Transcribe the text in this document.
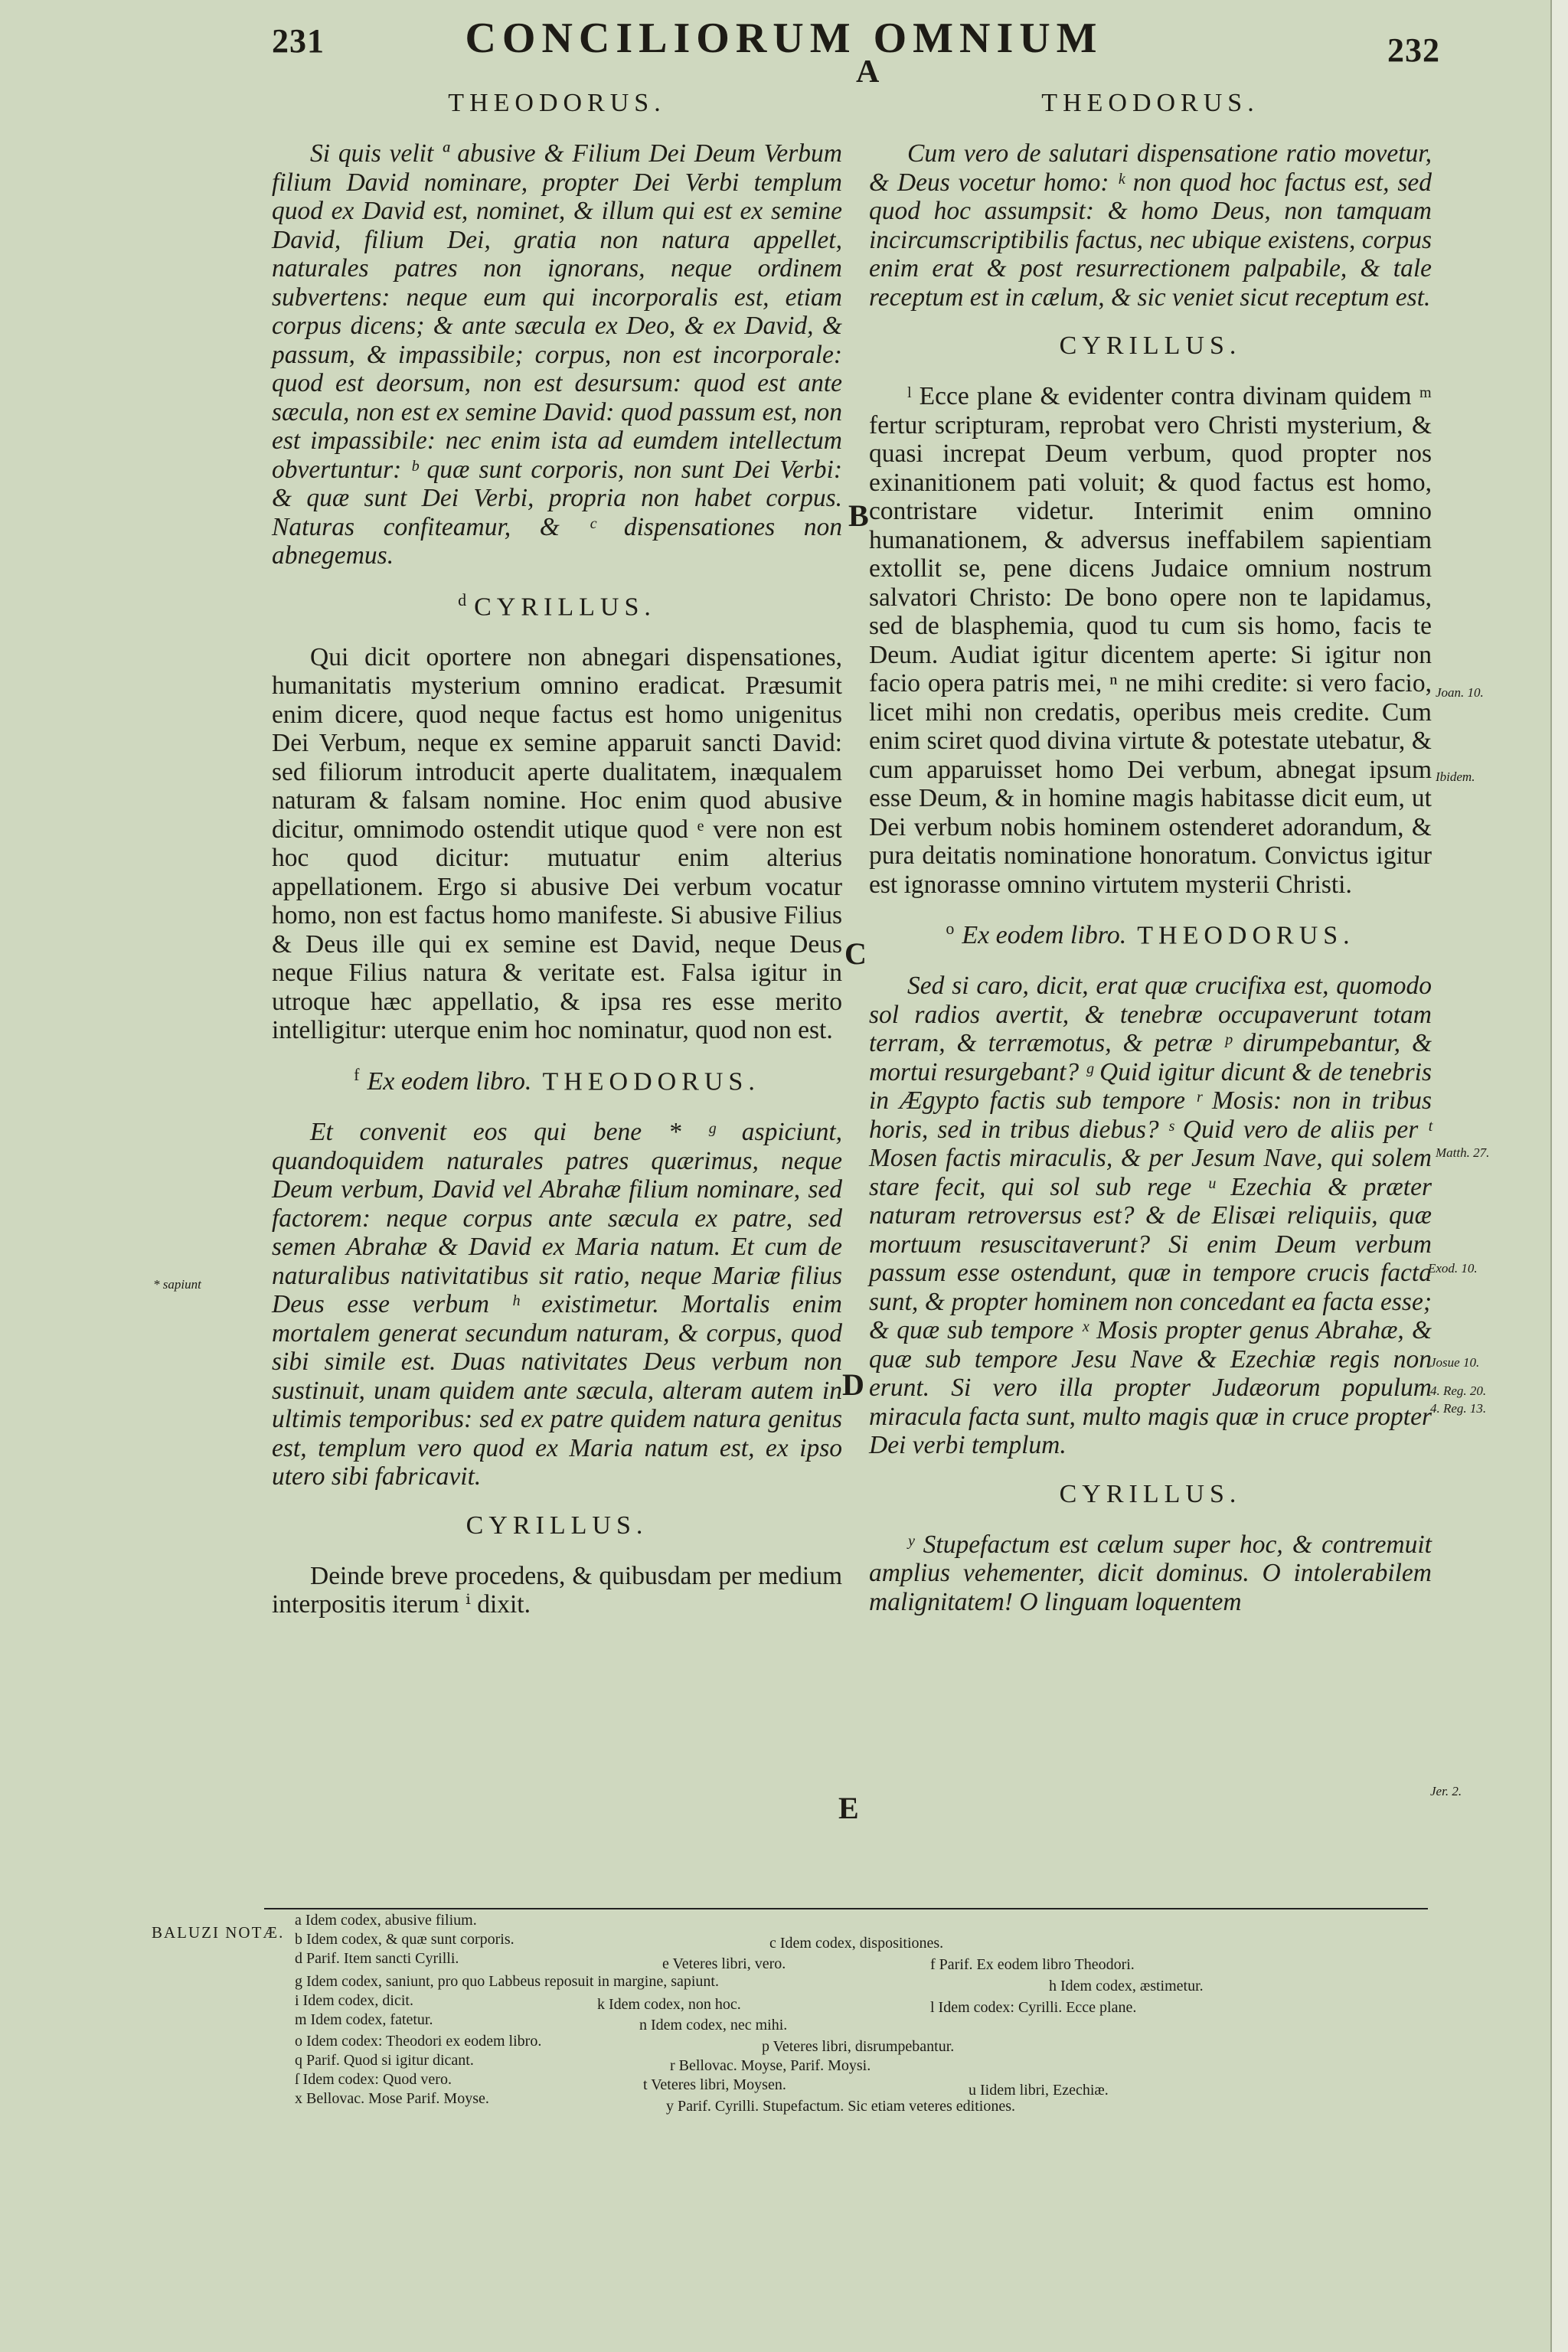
231	CONCILIORUM OMNIUM	232
A
THEODORUS.
Si quis velit ª abusive & Filium Dei Deum Verbum filium David nominare, propter Dei Verbi templum quod ex David est, nominet, & illum qui est ex semine David, filium Dei, gratia non natura appellet, naturales patres non ignorans, neque ordinem subvertens: neque eum qui incorporalis est, etiam corpus dicens; & ante sæcula ex Deo, & ex David, & passum, & impassibile; corpus, non est incorporale: quod est deorsum, non est desursum: quod est ante sæcula, non est ex semine David: quod passum est, non est impassibile: nec enim ista ad eumdem intellectum obvertuntur: ᵇ quæ sunt corporis, non sunt Dei Verbi: & quæ sunt Dei Verbi, propria non habet corpus. Naturas confiteamur, & ᶜ dispensationes non abnegemus.
$^d$ CYRILLUS.
Qui dicit oportere non abnegari dispensationes, humanitatis mysterium omnino eradicat. Præsumit enim dicere, quod neque factus est homo unigenitus Dei Verbum, neque ex semine apparuit sancti David: sed filiorum introducit aperte dualitatem, inæqualem naturam & falsam nomine. Hoc enim quod abusive dicitur, omnimodo ostendit utique quod ᵉ vere non est hoc quod dicitur: mutuatur enim alterius appellationem. Ergo si abusive Dei verbum vocatur homo, non est factus homo manifeste. Si abusive Filius & Deus ille qui ex semine est David, neque Deus neque Filius natura & veritate est. Falsa igitur in utroque hæc appellatio, & ipsa res esse merito intelligitur: uterque enim hoc nominatur, quod non est.
$^f$ Ex eodem libro. THEODORUS.
Et convenit eos qui bene * ᵍ aspiciunt, quandoquidem naturales patres quærimus, neque Deum verbum, David vel Abrahæ filium nominare, sed factorem: neque corpus ante sæcula ex patre, sed semen Abrahæ & David ex Maria natum. Et cum de naturalibus nativitatibus sit ratio, neque Mariæ filius Deus esse verbum ʰ existimetur. Mortalis enim mortalem generat secundum naturam, & corpus, quod sibi simile est. Duas nativitates Deus verbum non sustinuit, unam quidem ante sæcula, alteram autem in ultimis temporibus: sed ex patre quidem natura genitus est, templum vero quod ex Maria natum est, ex ipso utero sibi fabricavit.
CYRILLUS.
Deinde breve procedens, & quibusdam per medium interpositis iterum ⁱ dixit.
THEODORUS.
Cum vero de salutari dispensatione ratio movetur, & Deus vocetur homo: ᵏ non quod hoc factus est, sed quod hoc assumpsit: & homo Deus, non tamquam incircumscriptibilis factus, nec ubique existens, corpus enim erat & post resurrectionem palpabile, & tale receptum est in cælum, & sic veniet sicut receptum est.
CYRILLUS.
ˡ Ecce plane & evidenter contra divinam quidem ᵐ fertur scripturam, reprobat vero Christi mysterium, & quasi increpat Deum verbum, quod propter nos exinanitionem pati voluit; & quod factus est homo, contristare videtur. Interimit enim omnino humanationem, & adversus ineffabilem sapientiam extollit se, pene dicens Judaice omnium nostrum salvatori Christo: De bono opere non te lapidamus, sed de blasphemia, quod tu cum sis homo, facis te Deum. Audiat igitur dicentem aperte: Si igitur non facio opera patris mei, ⁿ ne mihi credite: si vero facio, licet mihi non credatis, operibus meis credite. Cum enim sciret quod divina virtute & potestate utebatur, & cum apparuisset homo Dei verbum, abnegat ipsum esse Deum, & in homine magis habitasse dicit eum, ut Dei verbum nobis hominem ostenderet adorandum, & pura deitatis nominatione honoratum. Convictus igitur est ignorasse omnino virtutem mysterii Christi.
$^o$ Ex eodem libro. THEODORUS.
Sed si caro, dicit, erat quæ crucifixa est, quomodo sol radios avertit, & tenebræ occupaverunt totam terram, & terræmotus, & petræ ᵖ dirumpebantur, & mortui resurgebant? ᵍ Quid igitur dicunt & de tenebris in Ægypto factis sub tempore ʳ Mosis: non in tribus horis, sed in tribus diebus? ˢ Quid vero de aliis per ᵗ Mosen factis miraculis, & per Jesum Nave, qui solem stare fecit, qui sol sub rege ᵘ Ezechia & præter naturam retroversus est? & de Elisæi reliquiis, quæ mortuum resuscitaverunt? Si enim Deum verbum passum esse ostendunt, quæ in tempore crucis facta sunt, & propter hominem non concedant ea facta esse; & quæ sub tempore ˣ Mosis propter genus Abrahæ, & quæ sub tempore Jesu Nave & Ezechiæ regis non erunt. Si vero illa propter Judæorum populum miracula facta sunt, multo magis quæ in cruce propter Dei verbi templum.
CYRILLUS.
ʸ Stupefactum est cælum super hoc, & contremuit amplius vehementer, dicit dominus. O intolerabilem malignitatem! O linguam loquentem
B
C
D
E
* sapiunt
Joan. 10.
Ibidem.
Matth. 27.
Exod. 10.
Josue 10.
4. Reg. 20.
4. Reg. 13.
Jer. 2.
BALUZI NOTÆ.
a Idem codex, abusive filium.
b Idem codex, & quæ sunt corporis.	c Idem codex, dispositiones.
d Parif. Item sancti Cyrilli.	e Veteres libri, vero.	f Parif. Ex eodem libro Theodori.
g Idem codex, saniunt, pro quo Labbeus reposuit in margine, sapiunt.	h Idem codex, æstimetur.
i Idem codex, dicit.	k Idem codex, non hoc.	l Idem codex: Cyrilli. Ecce plane.
m Idem codex, fatetur.	n Idem codex, nec mihi.
o Idem codex: Theodori ex eodem libro.	p Veteres libri, disrumpebantur.
q Parif. Quod si igitur dicant.	r Bellovac. Moyse, Parif. Moysi.
ſ Idem codex: Quod vero.	t Veteres libri, Moysen.	u Iidem libri, Ezechiæ.
x Bellovac. Mose Parif. Moyse.	y Parif. Cyrilli. Stupefactum. Sic etiam veteres editiones.
